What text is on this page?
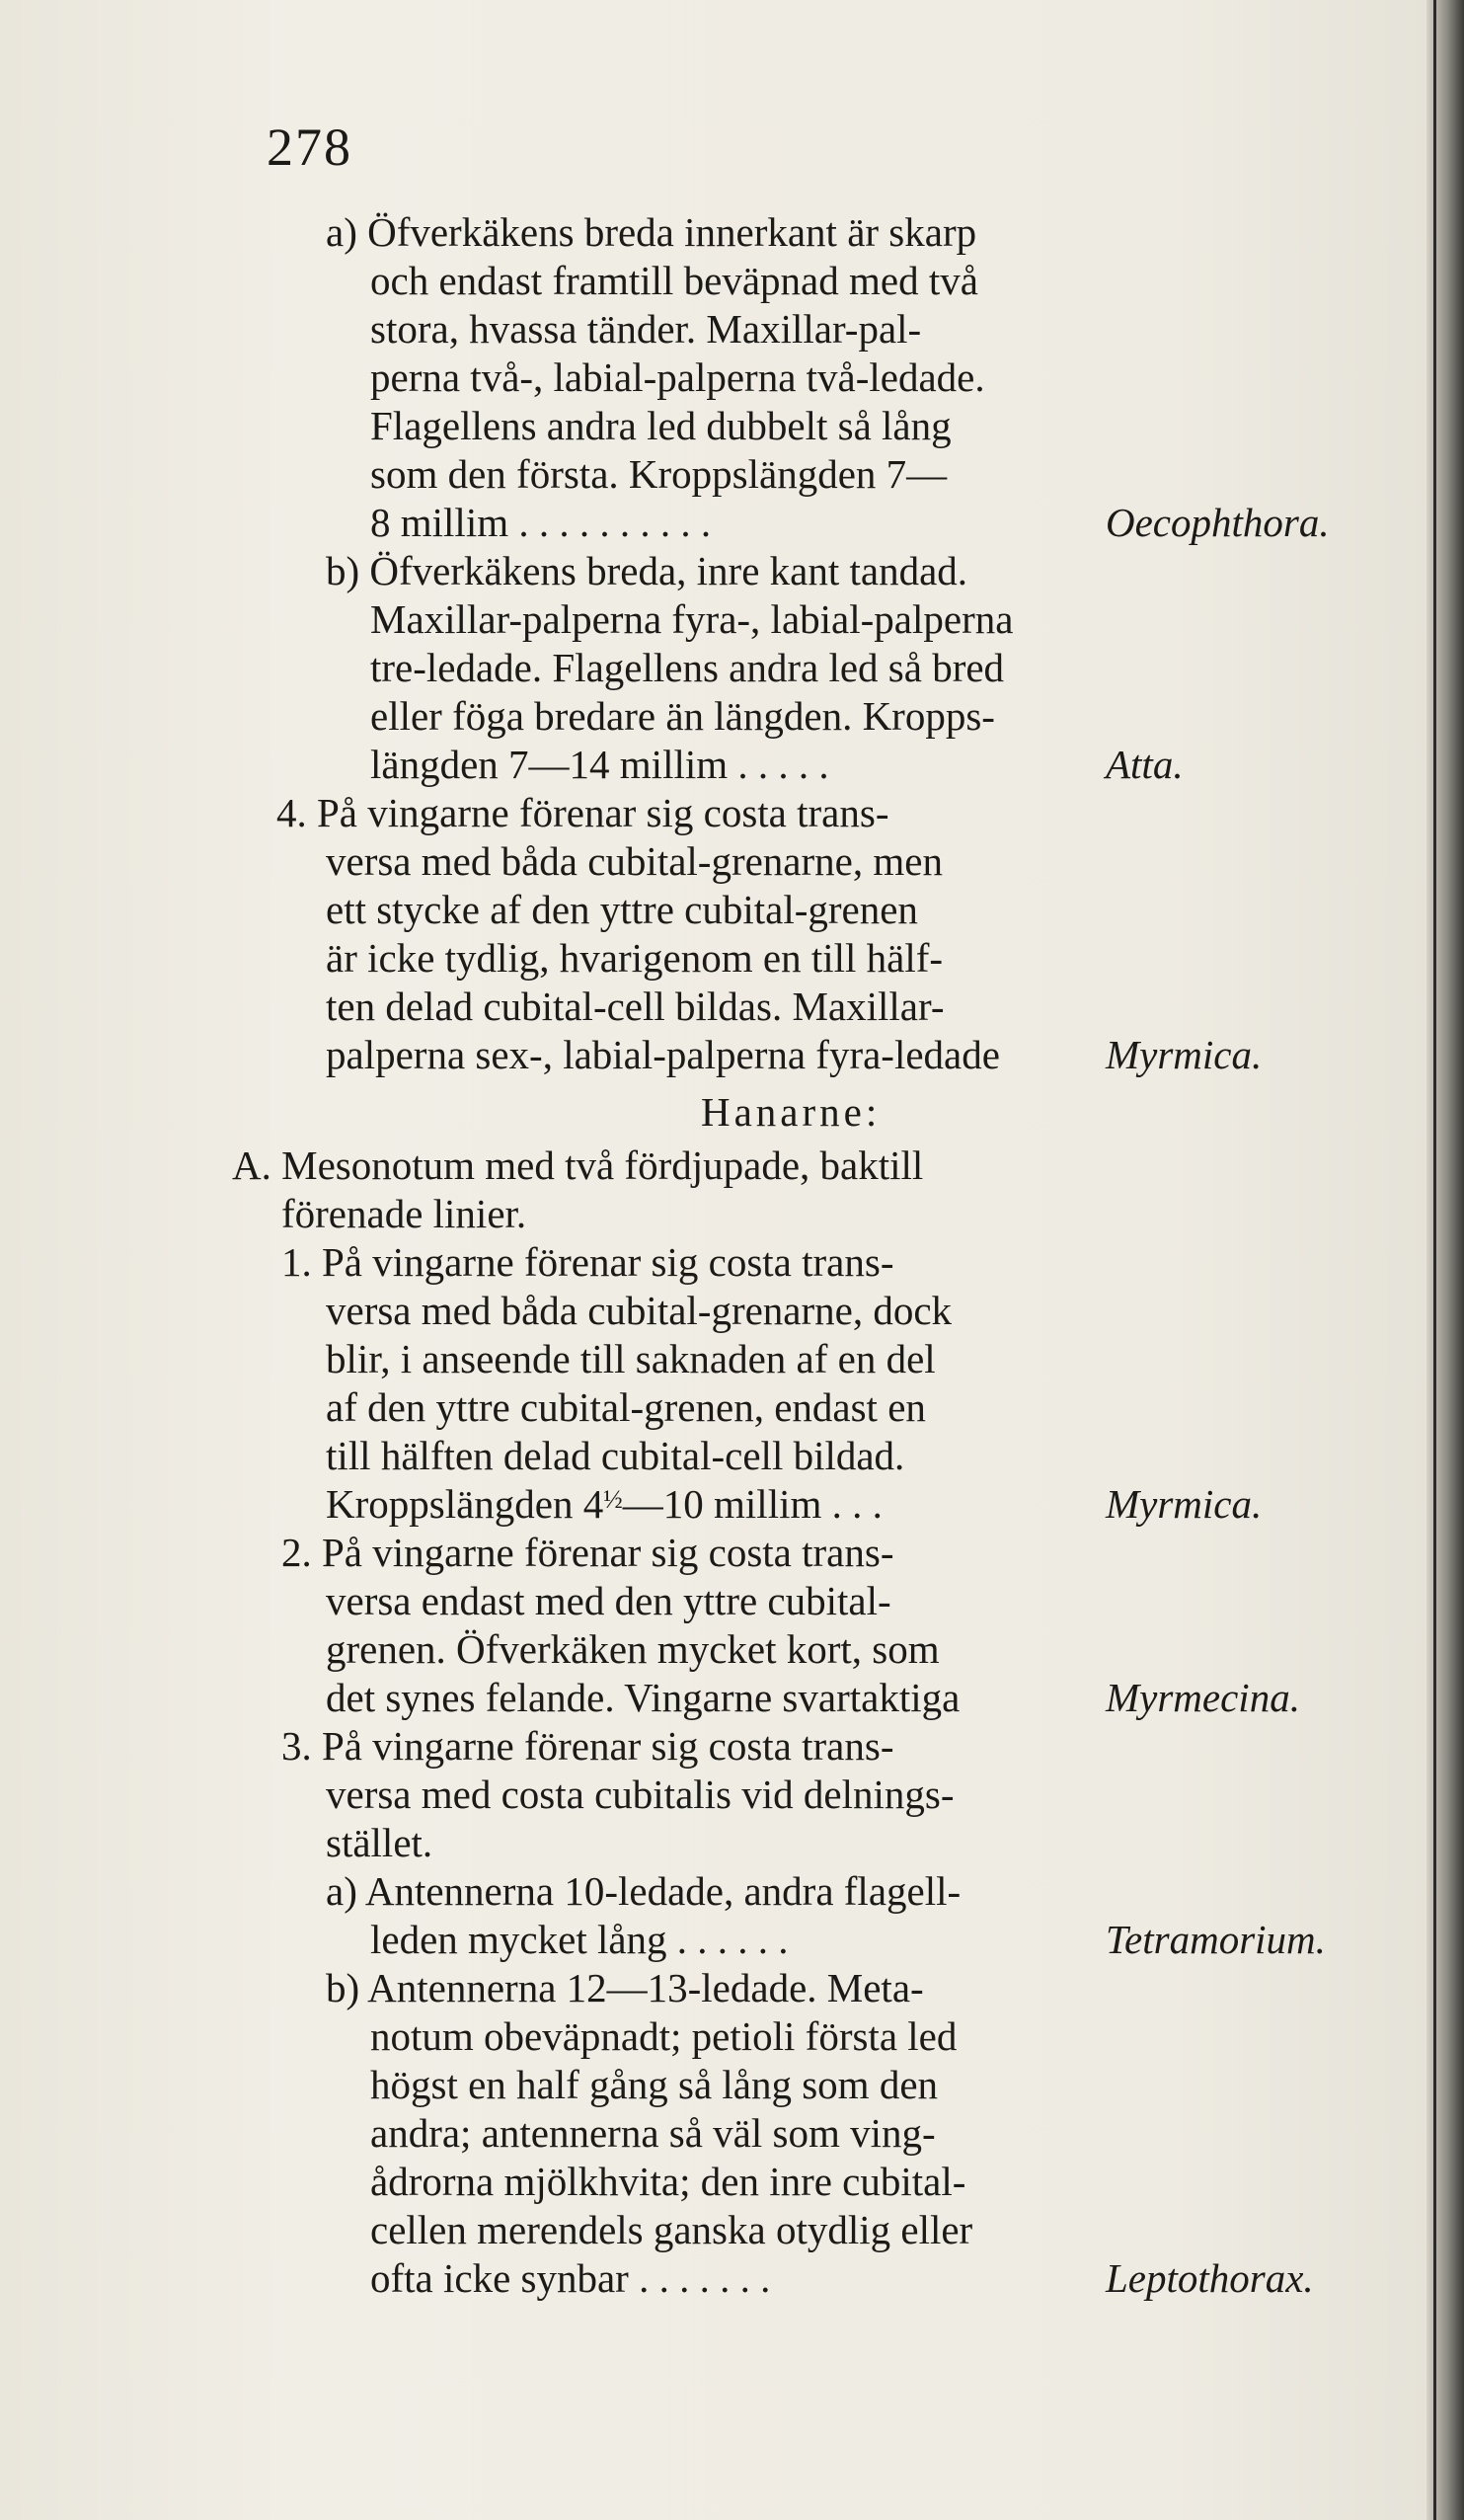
278
a) Öfverkäkens breda innerkant är skarp
och endast framtill beväpnad med två
stora, hvassa tänder. Maxillar-pal-
perna två-, labial-palperna två-ledade.
Flagellens andra led dubbelt så lång
som den första. Kroppslängden 7—
8 millim . . . . . . . . . .	Oecophthora.
b) Öfverkäkens breda, inre kant tandad.
Maxillar-palperna fyra-, labial-palperna
tre-ledade. Flagellens andra led så bred
eller föga bredare än längden. Kropps-
längden 7—14 millim . . . . .	Atta.
4. På vingarne förenar sig costa trans-
versa med båda cubital-grenarne, men
ett stycke af den yttre cubital-grenen
är icke tydlig, hvarigenom en till hälf-
ten delad cubital-cell bildas. Maxillar-
palperna sex-, labial-palperna fyra-ledade	Myrmica.
Hanarne:
A. Mesonotum med två fördjupade, baktill
förenade linier.
1. På vingarne förenar sig costa trans-
versa med båda cubital-grenarne, dock
blir, i anseende till saknaden af en del
af den yttre cubital-grenen, endast en
till hälften delad cubital-cell bildad.
Kroppslängden $4^{\frac{1}{2}}—10$ millim . . .	Myrmica.
2. På vingarne förenar sig costa trans-
versa endast med den yttre cubital-
grenen. Öfverkäken mycket kort, som
det synes felande. Vingarne svartaktiga	Myrmecina.
3. På vingarne förenar sig costa trans-
versa med costa cubitalis vid delnings-
stället.
a) Antennerna 10-ledade, andra flagell-
leden mycket lång . . . . . .	Tetramorium.
b) Antennerna 12—13-ledade. Meta-
notum obeväpnadt; petioli första led
högst en half gång så lång som den
andra; antennerna så väl som ving-
ådrorna mjölkhvita; den inre cubital-
cellen merendels ganska otydlig eller
ofta icke synbar . . . . . . .	Leptothorax.
